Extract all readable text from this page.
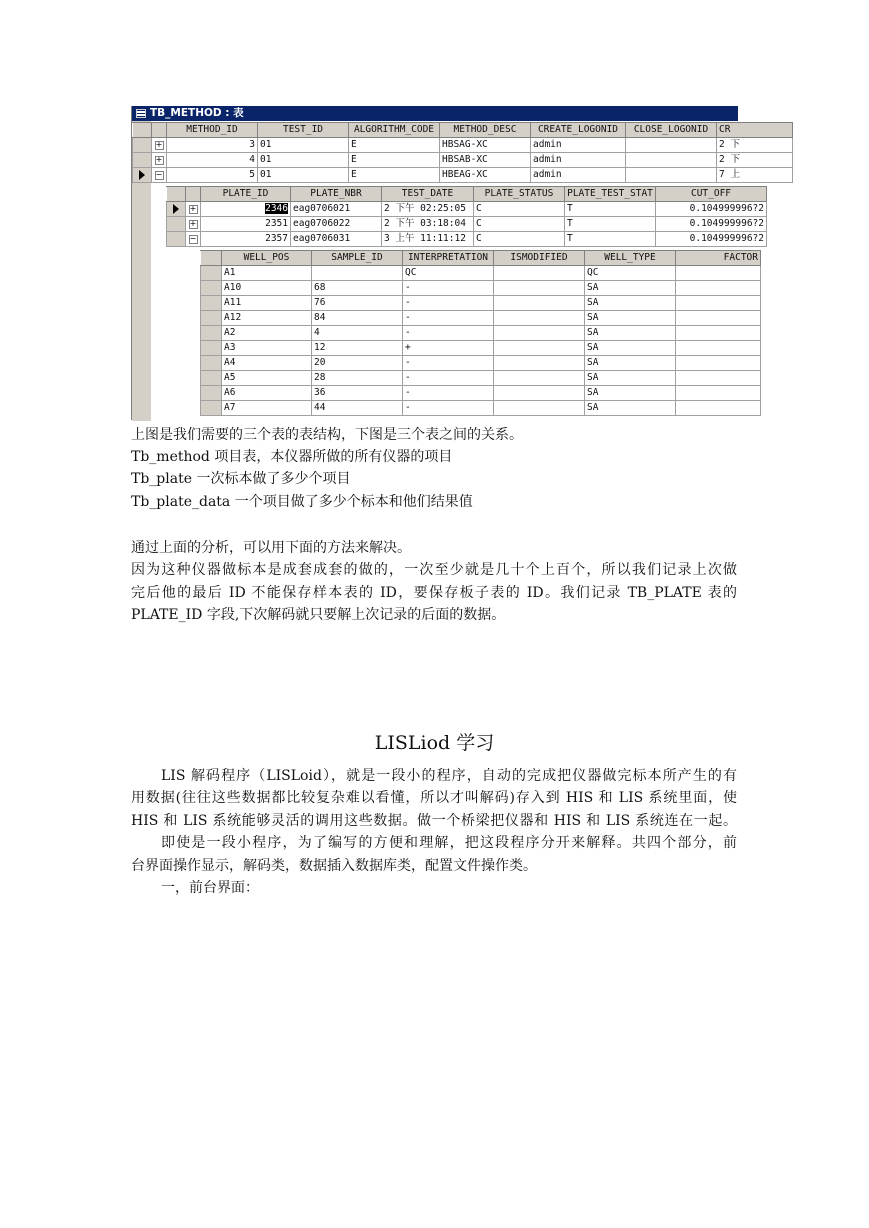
TB_METHOD : 表
		METHOD_ID	TEST_ID	ALGORITHM_CODE	METHOD_DESC	CREATE_LOGONID	CLOSE_LOGONID	CR
	+	3	01	E	HBSAG-XC	admin		2 下
	+	4	01	E	HBSAB-XC	admin		2 下
	−	5	01	E	HBEAG-XC	admin		7 上
		PLATE_ID	PLATE_NBR	TEST_DATE	PLATE_STATUS	PLATE_TEST_STAT	CUT_OFF
	+	2346	eag0706021	2 下午 02:25:05	C	T	0.104999996?2
	+	2351	eag0706022	2 下午 03:18:04	C	T	0.104999996?2
	−	2357	eag0706031	3 上午 11:11:12	C	T	0.104999996?2
	WELL_POS	SAMPLE_ID	INTERPRETATION	ISMODIFIED	WELL_TYPE	FACTOR
	A1		QC		QC	
	A10	68	-		SA	
	A11	76	-		SA	
	A12	84	-		SA	
	A2	4	-		SA	
	A3	12	+		SA	
	A4	20	-		SA	
	A5	28	-		SA	
	A6	36	-		SA	
	A7	44	-		SA	
上图是我们需要的三个表的表结构，下图是三个表之间的关系。
Tb_method 项目表，本仪器所做的所有仪器的项目
Tb_plate 一次标本做了多少个项目
Tb_plate_data 一个项目做了多少个标本和他们结果值
通过上面的分析，可以用下面的方法来解决。
因为这种仪器做标本是成套成套的做的，一次至少就是几十个上百个，所以我们记录上次做
完后他的最后 ID 不能保存样本表的 ID，要保存板子表的 ID。我们记录 TB_PLATE 表的
PLATE_ID 字段,下次解码就只要解上次记录的后面的数据。
LISLiod 学习
LIS 解码程序（LISLoid），就是一段小的程序，自动的完成把仪器做完标本所产生的有
用数据(往往这些数据都比较复杂难以看懂，所以才叫解码)存入到 HIS 和 LIS 系统里面，使
HIS 和 LIS 系统能够灵活的调用这些数据。做一个桥梁把仪器和 HIS 和 LIS 系统连在一起。
即使是一段小程序，为了编写的方便和理解，把这段程序分开来解释。共四个部分，前
台界面操作显示，解码类，数据插入数据库类，配置文件操作类。
一，前台界面：
